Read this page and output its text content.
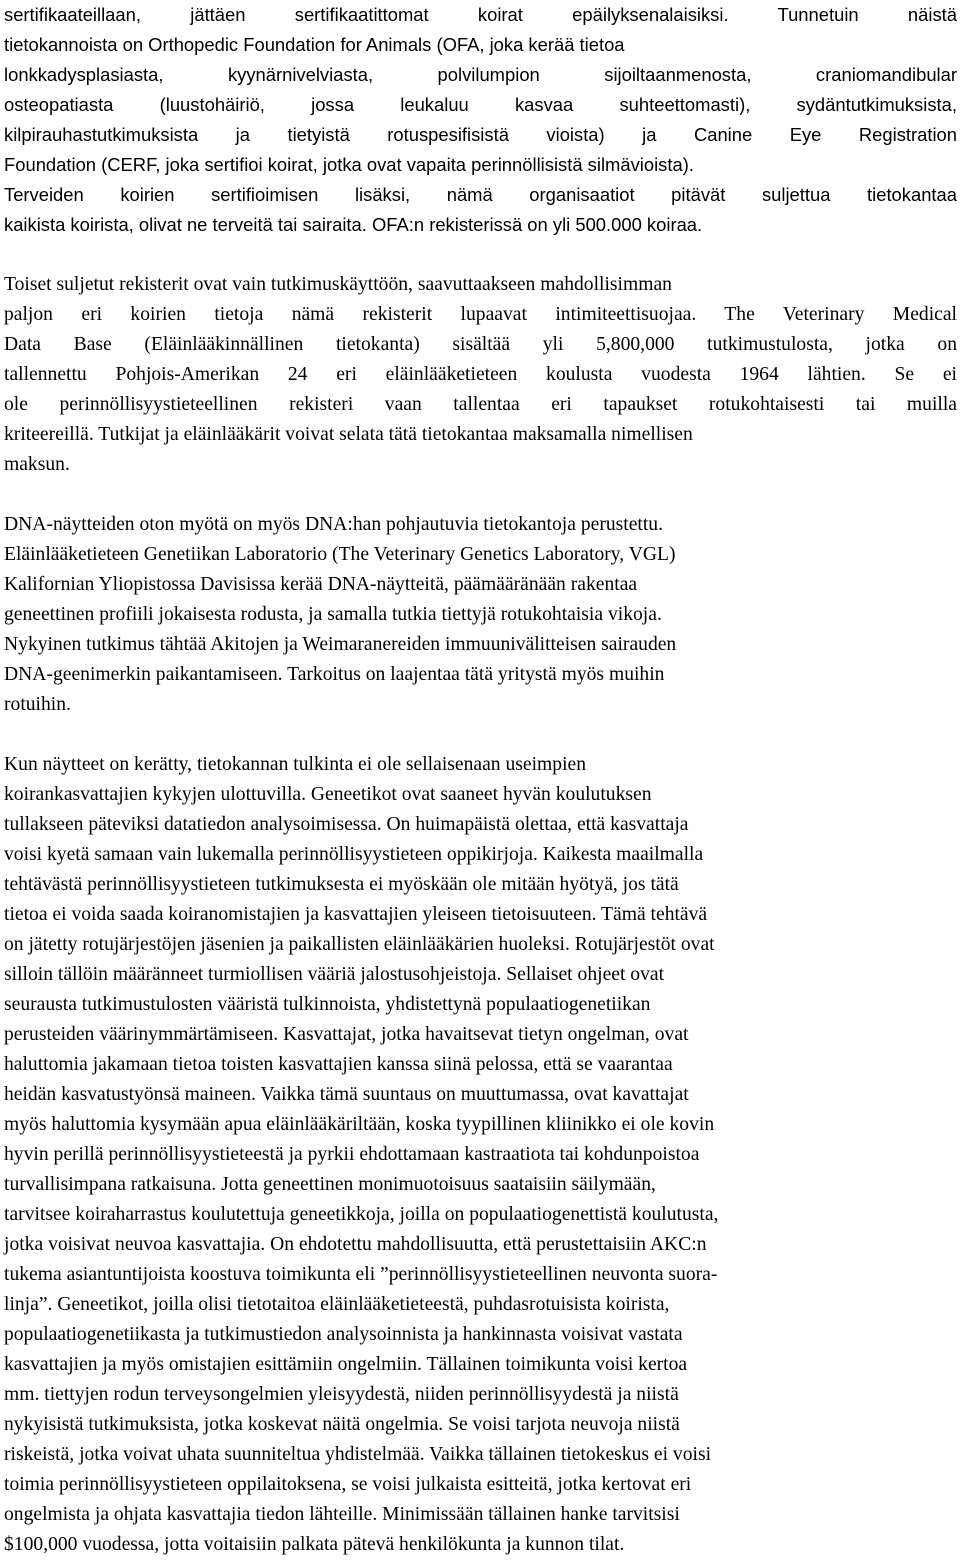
sertifikaateillaan, jättäen sertifikaatittomat koirat epäilyksenalaisiksi. Tunnetuin näistä
tietokannoista on Orthopedic Foundation for Animals (OFA, joka kerää tietoa
lonkkadysplasiasta, kyynärnivelviasta, polvilumpion sijoiltaanmenosta, craniomandibular
osteopatiasta (luustohäiriö, jossa leukaluu kasvaa suhteettomasti), sydäntutkimuksista,
kilpirauhastutkimuksista ja tietyistä rotuspesifisistä vioista) ja Canine Eye Registration
Foundation (CERF, joka sertifioi koirat, jotka ovat vapaita perinnöllisistä silmävioista).
Terveiden koirien sertifioimisen lisäksi, nämä organisaatiot pitävät suljettua tietokantaa
kaikista koirista, olivat ne terveitä tai sairaita. OFA:n rekisterissä on yli 500.000 koiraa.

Toiset suljetut rekisterit ovat vain tutkimuskäyttöön, saavuttaakseen mahdollisimman
paljon eri koirien tietoja nämä rekisterit lupaavat intimiteettisuojaa. The Veterinary Medical
Data Base (Eläinlääkinnällinen tietokanta) sisältää yli 5,800,000 tutkimustulosta, jotka on
tallennettu Pohjois-Amerikan 24 eri eläinlääketieteen koulusta vuodesta 1964 lähtien. Se ei
ole perinnöllisyystieteellinen rekisteri vaan tallentaa eri tapaukset rotukohtaisesti tai muilla
kriteereillä. Tutkijat ja eläinlääkärit voivat selata tätä tietokantaa maksamalla nimellisen
maksun.

DNA-näytteiden oton myötä on myös DNA:han pohjautuvia tietokantoja perustettu.
Eläinlääketieteen Genetiikan Laboratorio (The Veterinary Genetics Laboratory, VGL)
Kalifornian Yliopistossa Davisissa kerää DNA-näytteitä, päämääränään rakentaa
geneettinen profiili jokaisesta rodusta, ja samalla tutkia tiettyjä rotukohtaisia vikoja.
Nykyinen tutkimus tähtää Akitojen ja Weimaranereiden immuunivälitteisen sairauden
DNA-geenimerkin paikantamiseen. Tarkoitus on laajentaa tätä yritystä myös muihin
rotuihin.

Kun näytteet on kerätty, tietokannan tulkinta ei ole sellaisenaan useimpien
koirankasvattajien kykyjen ulottuvilla. Geneetikot ovat saaneet hyvän koulutuksen
tullakseen päteviksi datatiedon analysoimisessa. On huimapäistä olettaa, että kasvattaja
voisi kyetä samaan vain lukemalla perinnöllisyystieteen oppikirjoja. Kaikesta maailmalla
tehtävästä perinnöllisyystieteen tutkimuksesta ei myöskään ole mitään hyötyä, jos tätä
tietoa ei voida saada koiranomistajien ja kasvattajien yleiseen tietoisuuteen. Tämä tehtävä
on jätetty rotujärjestöjen jäsenien ja paikallisten eläinlääkärien huoleksi. Rotujärjestöt ovat
silloin tällöin määränneet turmiollisen vääriä jalostusohjeistoja. Sellaiset ohjeet ovat
seurausta tutkimustulosten vääristä tulkinnoista, yhdistettynä populaatiogenetiikan
perusteiden väärinymmärtämiseen. Kasvattajat, jotka havaitsevat tietyn ongelman, ovat
haluttomia jakamaan tietoa toisten kasvattajien kanssa siinä pelossa, että se vaarantaa
heidän kasvatustyönsä maineen. Vaikka tämä suuntaus on muuttumassa, ovat kavattajat
myös haluttomia kysymään apua eläinlääkäriltään, koska tyypillinen kliinikko ei ole kovin
hyvin perillä perinnöllisyystieteestä ja pyrkii ehdottamaan kastraatiota tai kohdunpoistoa
turvallisimpana ratkaisuna. Jotta geneettinen monimuotoisuus saataisiin säilymään,
tarvitsee koiraharrastus koulutettuja geneetikkoja, joilla on populaatiogenettistä koulutusta,
jotka voisivat neuvoa kasvattajia. On ehdotettu mahdollisuutta, että perustettaisiin AKC:n
tukema asiantuntijoista koostuva toimikunta eli ”perinnöllisyystieteellinen neuvonta suora-
linja”. Geneetikot, joilla olisi tietotaitoa eläinlääketieteestä, puhdasrotuisista koirista,
populaatiogenetiikasta ja tutkimustiedon analysoinnista ja hankinnasta voisivat vastata
kasvattajien ja myös omistajien esittämiin ongelmiin. Tällainen toimikunta voisi kertoa
mm. tiettyjen rodun terveysongelmien yleisyydestä, niiden perinnöllisyydestä ja niistä
nykyisistä tutkimuksista, jotka koskevat näitä ongelmia. Se voisi tarjota neuvoja niistä
riskeistä, jotka voivat uhata suunniteltua yhdistelmää. Vaikka tällainen tietokeskus ei voisi
toimia perinnöllisyystieteen oppilaitoksena, se voisi julkaista esitteitä, jotka kertovat eri
ongelmista ja ohjata kasvattajia tiedon lähteille. Minimissään tällainen hanke tarvitsisi
$100,000 vuodessa, jotta voitaisiin palkata pätevä henkilökunta ja kunnon tilat.
